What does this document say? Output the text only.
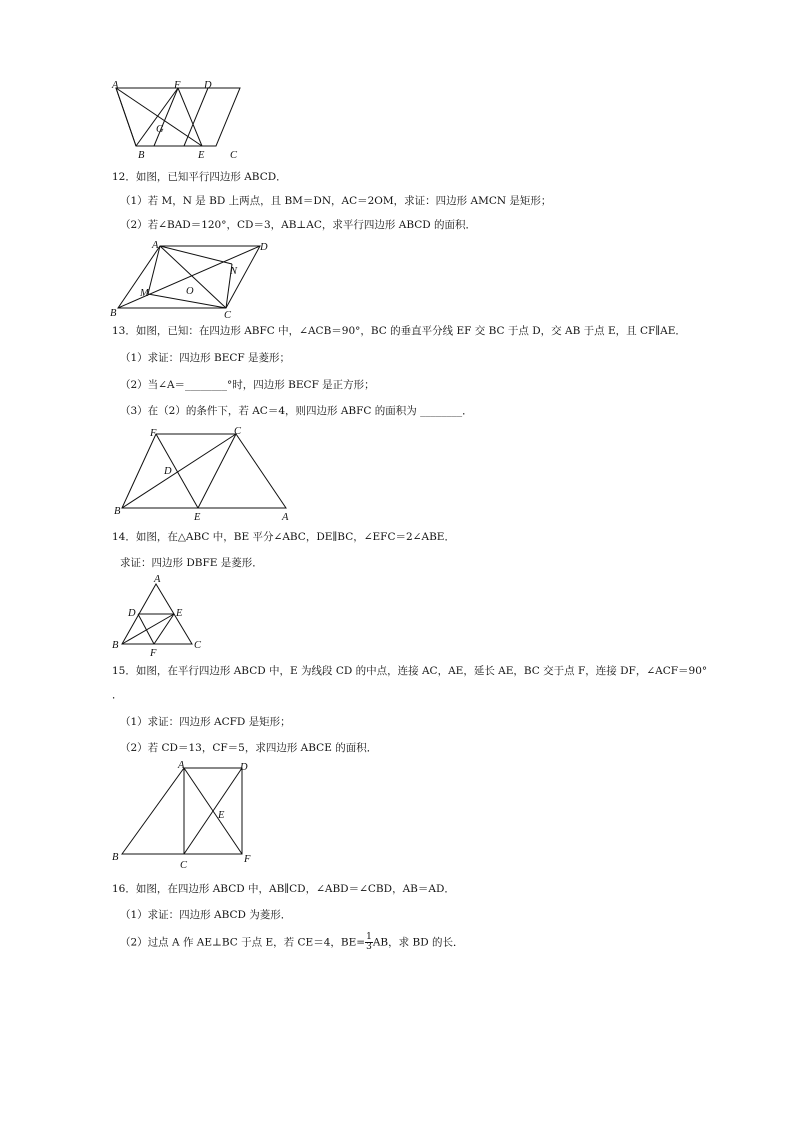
A	F D
G
B	E C
12．如图，已知平行四边形 ABCD．
（1）若 M，N 是 BD 上两点，且 BM＝DN，AC＝2OM，求证：四边形 AMCN 是矩形；
（2）若∠BAD＝120°，CD＝3，AB⊥AC，求平行四边形 ABCD 的面积．
A	D
N
O
M
B	C
13．如图，已知：在四边形 ABFC 中，∠ACB＝90°，BC 的垂直平分线 EF 交 BC 于点 D，交 AB 于点 E，且 CF∥AE．
（1）求证：四边形 BECF 是菱形；
（2）当∠A＝________°时，四边形 BECF 是正方形；
（3）在（2）的条件下，若 AC＝4，则四边形 ABFC 的面积为 ________．
F	C
D
B
E	A
14．如图，在△ABC 中，BE 平分∠ABC，DE∥BC，∠EFC＝2∠ABE．
求证：四边形 DBFE 是菱形．
A
D	E
B
F
C
15．如图，在平行四边形 ABCD 中，E 为线段 CD 的中点，连接 AC，AE，延长 AE，BC 交于点 F，连接 DF，∠ACF＝90°
．
（1）求证：四边形 ACFD 是矩形；
（2）若 CD＝13，CF＝5，求四边形 ABCE 的面积．
A	D
E
B
C
F
16．如图，在四边形 ABCD 中，AB∥CD，∠ABD＝∠CBD，AB＝AD．
（1）求证：四边形 ABCD 为菱形．
（2）过点 A 作 AE⊥BC 于点 E，若 CE＝4，$BE= \frac{1}{3}$ AB，求 BD 的长．
